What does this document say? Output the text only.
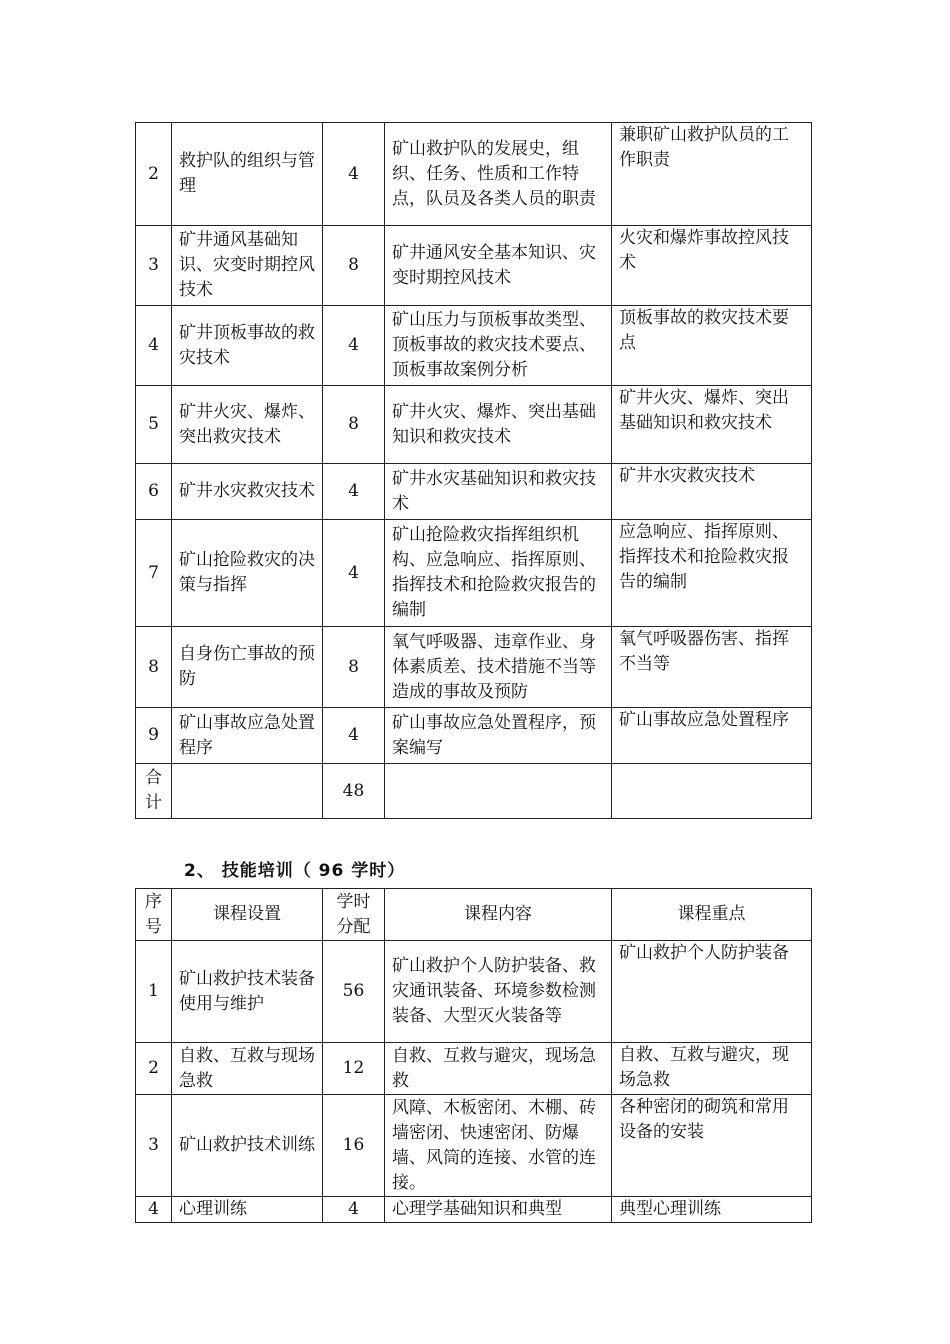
2	救护队的组织与管理	4	矿山救护队的发展史，组织、任务、性质和工作特点，队员及各类人员的职责	兼职矿山救护队员的工作职责
3	矿井通风基础知识、灾变时期控风技术	8	矿井通风安全基本知识、灾变时期控风技术	火灾和爆炸事故控风技术
4	矿井顶板事故的救灾技术	4	矿山压力与顶板事故类型、顶板事故的救灾技术要点、顶板事故案例分析	顶板事故的救灾技术要点
5	矿井火灾、爆炸、突出救灾技术	8	矿井火灾、爆炸、突出基础知识和救灾技术	矿井火灾、爆炸、突出基础知识和救灾技术
6	矿井水灾救灾技术	4	矿井水灾基础知识和救灾技术	矿井水灾救灾技术
7	矿山抢险救灾的决策与指挥	4	矿山抢险救灾指挥组织机构、应急响应、指挥原则、指挥技术和抢险救灾报告的编制	应急响应、指挥原则、指挥技术和抢险救灾报告的编制
8	自身伤亡事故的预防	8	氧气呼吸器、违章作业、身体素质差、技术措施不当等造成的事故及预防	氧气呼吸器伤害、指挥不当等
9	矿山事故应急处置程序	4	矿山事故应急处置程序，预案编写	矿山事故应急处置程序
合计		48		
2、 技能培训（ 96 学时）
序号	课程设置	学时分配	课程内容	课程重点
1	矿山救护技术装备使用与维护	56	矿山救护个人防护装备、救灾通讯装备、环境参数检测装备、大型灭火装备等	矿山救护个人防护装备
2	自救、互救与现场急救	12	自救、互救与避灾，现场急救	自救、互救与避灾，现场急救
3	矿山救护技术训练	16	风障、木板密闭、木棚、砖墙密闭、快速密闭、防爆墙、风筒的连接、水管的连接。	各种密闭的砌筑和常用设备的安装
4	心理训练	4	心理学基础知识和典型	典型心理训练
